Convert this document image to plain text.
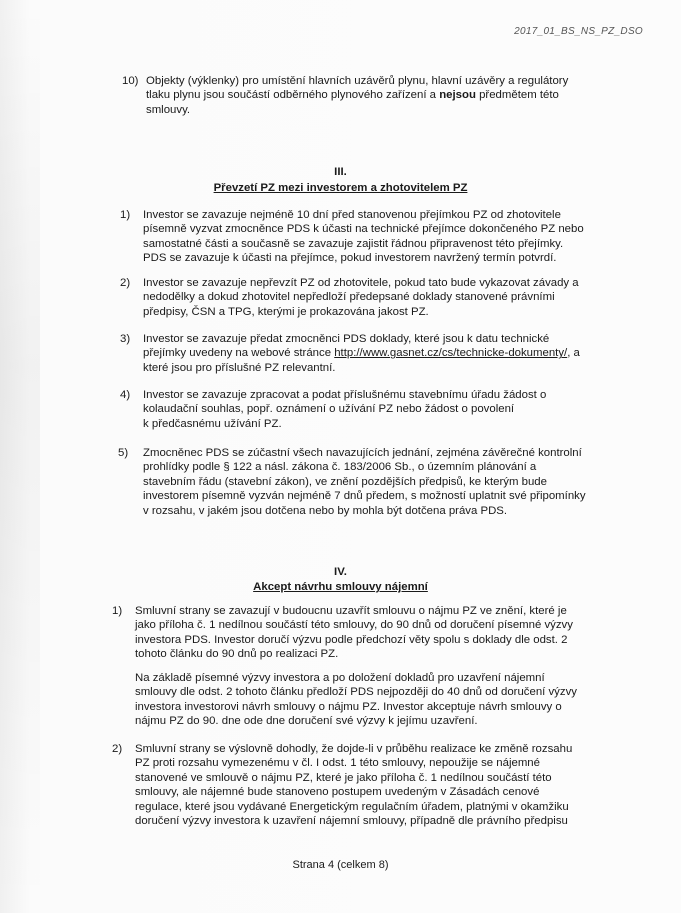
2017_01_BS_NS_PZ_DSO
10) Objekty (výklenky) pro umístění hlavních uzávěrů plynu, hlavní uzávěry a regulátory
tlaku plynu jsou součástí odběrného plynového zařízení a nejsou předmětem této
smlouvy.
III.
Převzetí PZ mezi investorem a zhotovitelem PZ
1) Investor se zavazuje nejméně 10 dní před stanovenou přejímkou PZ od zhotovitele
písemně vyzvat zmocněnce PDS k účasti na technické přejímce dokončeného PZ nebo
samostatné části a současně se zavazuje zajistit řádnou připravenost této přejímky.
PDS se zavazuje k účasti na přejímce, pokud investorem navržený termín potvrdí.
2) Investor se zavazuje nepřevzít PZ od zhotovitele, pokud tato bude vykazovat závady a
nedodělky a dokud zhotovitel nepředloží předepsané doklady stanovené právními
předpisy, ČSN a TPG, kterými je prokazována jakost PZ.
3) Investor se zavazuje předat zmocněnci PDS doklady, které jsou k datu technické
přejímky uvedeny na webové stránce http://www.gasnet.cz/cs/technicke-dokumenty/, a
které jsou pro příslušné PZ relevantní.
4) Investor se zavazuje zpracovat a podat příslušnému stavebnímu úřadu žádost o
kolaudační souhlas, popř. oznámení o užívání PZ nebo žádost o povolení
k předčasnému užívání PZ.
5) Zmocněnec PDS se zúčastní všech navazujících jednání, zejména závěrečné kontrolní
prohlídky podle § 122 a násl. zákona č. 183/2006 Sb., o územním plánování a
stavebním řádu (stavební zákon), ve znění pozdějších předpisů, ke kterým bude
investorem písemně vyzván nejméně 7 dnů předem, s možností uplatnit své připomínky
v rozsahu, v jakém jsou dotčena nebo by mohla být dotčena práva PDS.
IV.
Akcept návrhu smlouvy nájemní
1) Smluvní strany se zavazují v budoucnu uzavřít smlouvu o nájmu PZ ve znění, které je
jako příloha č. 1 nedílnou součástí této smlouvy, do 90 dnů od doručení písemné výzvy
investora PDS. Investor doručí výzvu podle předchozí věty spolu s doklady dle odst. 2
tohoto článku do 90 dnů po realizaci PZ.
Na základě písemné výzvy investora a po doložení dokladů pro uzavření nájemní
smlouvy dle odst. 2 tohoto článku předloží PDS nejpozději do 40 dnů od doručení výzvy
investora investorovi návrh smlouvy o nájmu PZ. Investor akceptuje návrh smlouvy o
nájmu PZ do 90. dne ode dne doručení své výzvy k jejímu uzavření.
2) Smluvní strany se výslovně dohodly, že dojde-li v průběhu realizace ke změně rozsahu
PZ proti rozsahu vymezenému v čl. I odst. 1 této smlouvy, nepoužije se nájemné
stanovené ve smlouvě o nájmu PZ, které je jako příloha č. 1 nedílnou součástí této
smlouvy, ale nájemné bude stanoveno postupem uvedeným v Zásadách cenové
regulace, které jsou vydávané Energetickým regulačním úřadem, platnými v okamžiku
doručení výzvy investora k uzavření nájemní smlouvy, případně dle právního předpisu
Strana 4 (celkem 8)
